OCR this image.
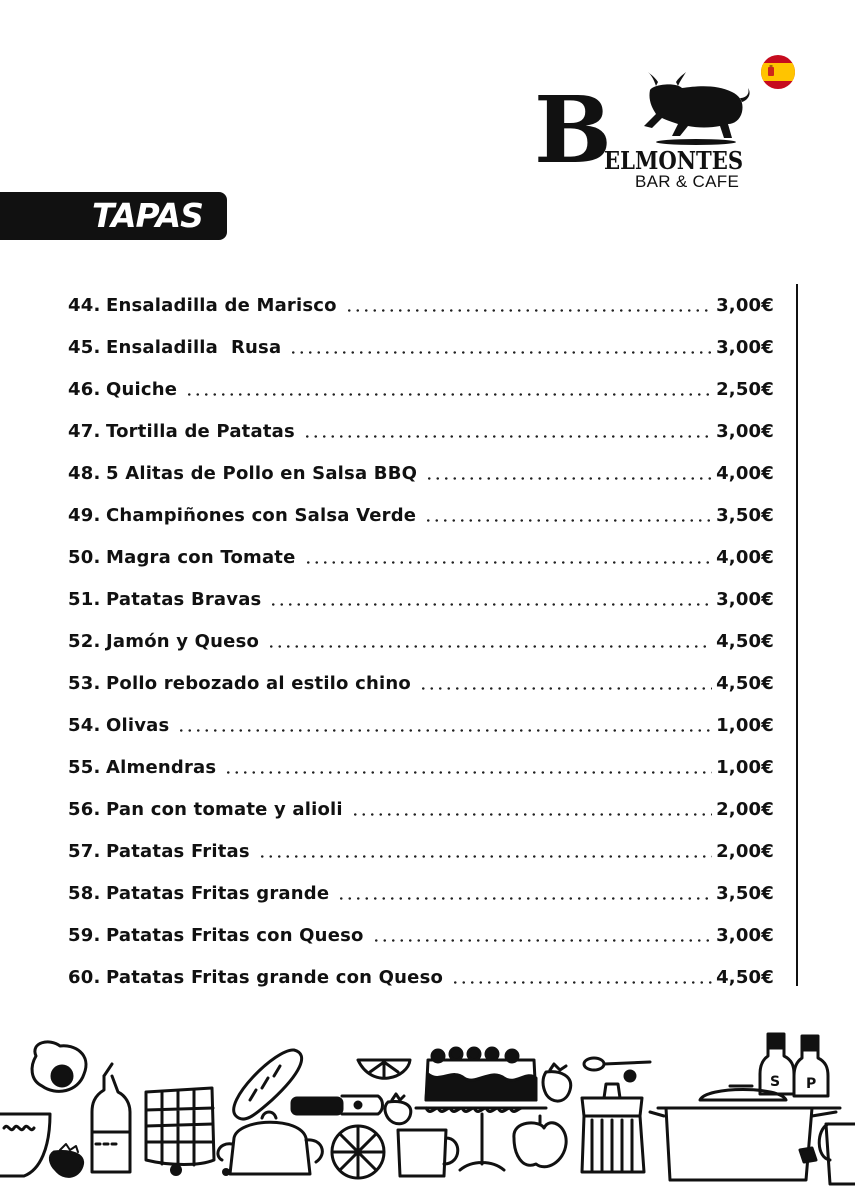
B
ELMONTES
BAR & CAFE
TAPAS
44. Ensaladilla de Marisco	3,00€
45. Ensaladilla  Rusa	3,00€
46. Quiche	2,50€
47. Tortilla de Patatas	3,00€
48. 5 Alitas de Pollo en Salsa BBQ	4,00€
49. Champiñones con Salsa Verde	3,50€
50. Magra con Tomate	4,00€
51. Patatas Bravas	3,00€
52. Jamón y Queso	4,50€
53. Pollo rebozado al estilo chino	4,50€
54. Olivas	1,00€
55. Almendras	1,00€
56. Pan con tomate y alioli	2,00€
57. Patatas Fritas	2,00€
58. Patatas Fritas grande	3,50€
59. Patatas Fritas con Queso	3,00€
60. Patatas Fritas grande con Queso	4,50€
S P
